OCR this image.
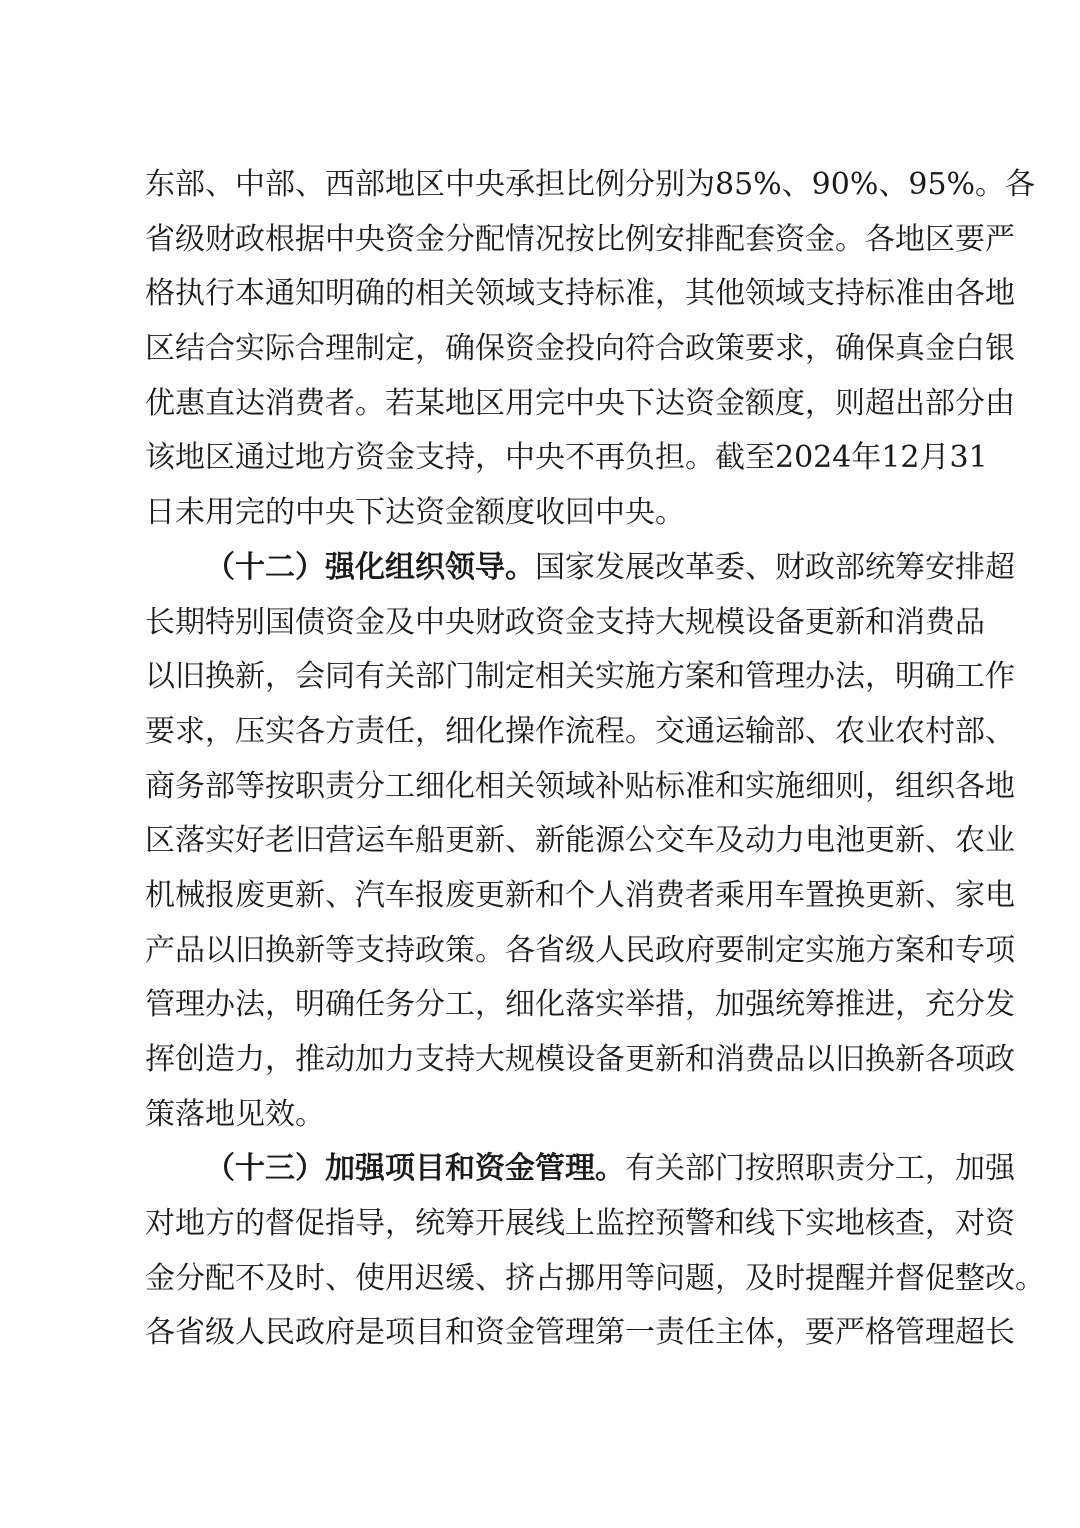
东部、中部、西部地区中央承担比例分别为85%、90%、95%。各
省级财政根据中央资金分配情况按比例安排配套资金。各地区要严
格执行本通知明确的相关领域支持标准，其他领域支持标准由各地
区结合实际合理制定，确保资金投向符合政策要求，确保真金白银
优惠直达消费者。若某地区用完中央下达资金额度，则超出部分由
该地区通过地方资金支持，中央不再负担。截至2024年12月31
日未用完的中央下达资金额度收回中央。
（十二）强化组织领导。国家发展改革委、财政部统筹安排超
长期特别国债资金及中央财政资金支持大规模设备更新和消费品
以旧换新，会同有关部门制定相关实施方案和管理办法，明确工作
要求，压实各方责任，细化操作流程。交通运输部、农业农村部、
商务部等按职责分工细化相关领域补贴标准和实施细则，组织各地
区落实好老旧营运车船更新、新能源公交车及动力电池更新、农业
机械报废更新、汽车报废更新和个人消费者乘用车置换更新、家电
产品以旧换新等支持政策。各省级人民政府要制定实施方案和专项
管理办法，明确任务分工，细化落实举措，加强统筹推进，充分发
挥创造力，推动加力支持大规模设备更新和消费品以旧换新各项政
策落地见效。
（十三）加强项目和资金管理。有关部门按照职责分工，加强
对地方的督促指导，统筹开展线上监控预警和线下实地核查，对资
金分配不及时、使用迟缓、挤占挪用等问题，及时提醒并督促整改。
各省级人民政府是项目和资金管理第一责任主体，要严格管理超长
